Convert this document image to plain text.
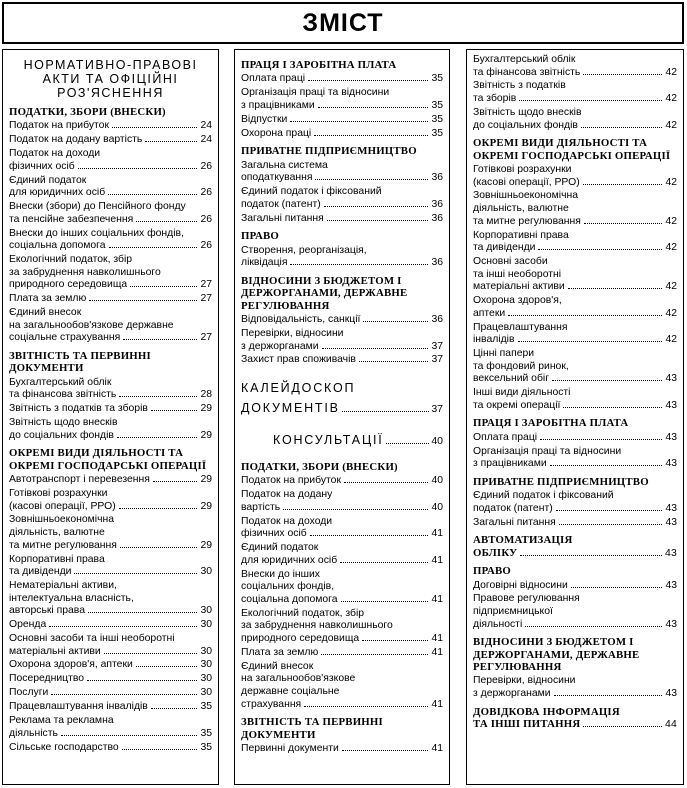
ЗМІСТ
НОРМАТИВНО-ПРАВОВІ
АКТИ ТА ОФІЦІЙНІ
РОЗ'ЯСНЕННЯ
ПОДАТКИ, ЗБОРИ (ВНЕСКИ)
Податок на прибуток	24
Податок на додану вартість	24
Податок на доходи
фізичних осіб	26
Єдиний податок
для юридичних осіб	26
Внески (збори) до Пенсійного фонду
та пенсійне забезпечення	26
Внески до інших соціальних фондів,
соціальна допомога	26
Екологічний податок, збір
за забруднення навколишнього
природного середовища	27
Плата за землю	27
Єдиний внесок
на загальнообов'язкове державне
соціальне страхування	27
ЗВІТНІСТЬ ТА ПЕРВИННІ ДОКУМЕНТИ
Бухгалтерський облік
та фінансова звітність	28
Звітність з податків та зборів	29
Звітність щодо внесків
до соціальних фондів	29
ОКРЕМІ ВИДИ ДІЯЛЬНОСТІ ТА ОКРЕМІ ГОСПОДАРСЬКІ ОПЕРАЦІЇ
Автотранспорт і перевезення	29
Готівкові розрахунки
(касові операції, РРО)	29
Зовнішньоекономічна
діяльність, валютне
та митне регулювання	29
Корпоративні права
та дивіденди	30
Нематеріальні активи,
інтелектуальна власність,
авторські права	30
Оренда	30
Основні засоби та інші необоротні
матеріальні активи	30
Охорона здоров'я, аптеки	30
Посередництво	30
Послуги	30
Працевлаштування інвалідів	35
Реклама та рекламна
діяльність	35
Сільське господарство	35
ПРАЦЯ І ЗАРОБІТНА ПЛАТА
Оплата праці	35
Організація праці та відносини
з працівниками	35
Відпустки	35
Охорона праці	35
ПРИВАТНЕ ПІДПРИЄМНИЦТВО
Загальна система
оподаткування	36
Єдиний податок і фіксований
податок (патент)	36
Загальні питання	36
ПРАВО
Створення, реорганізація,
ліквідація	36
ВІДНОСИНИ З БЮДЖЕТОМ І ДЕРЖОРГАНАМИ, ДЕРЖАВНЕ РЕГУЛЮВАННЯ
Відповідальність, санкції	36
Перевірки, відносини
з держорганами	37
Захист прав споживачів	37
КАЛЕЙДОСКОП
ДОКУМЕНТІВ	37
КОНСУЛЬТАЦІЇ	40
ПОДАТКИ, ЗБОРИ (ВНЕСКИ)
Податок на прибуток	40
Податок на додану
вартість	40
Податок на доходи
фізичних осіб	41
Єдиний податок
для юридичних осіб	41
Внески до інших
соціальних фондів,
соціальна допомога	41
Екологічний податок, збір
за забруднення навколишнього
природного середовища	41
Плата за землю	41
Єдиний внесок
на загальнообов'язкове
державне соціальне
страхування	41
ЗВІТНІСТЬ ТА ПЕРВИННІ ДОКУМЕНТИ
Первинні документи	41
Бухгалтерський облік
та фінансова звітність	42
Звітність з податків
та зборів	42
Звітність щодо внесків
до соціальних фондів	42
ОКРЕМІ ВИДИ ДІЯЛЬНОСТІ ТА ОКРЕМІ ГОСПОДАРСЬКІ ОПЕРАЦІЇ
Готівкові розрахунки
(касові операції, РРО)	42
Зовнішньоекономічна
діяльність, валютне
та митне регулювання	42
Корпоративні права
та дивіденди	42
Основні засоби
та інші необоротні
матеріальні активи	42
Охорона здоров'я,
аптеки	42
Працевлаштування
інвалідів	42
Цінні папери
та фондовий ринок,
вексельний обіг	43
Інші види діяльності
та окремі операції	43
ПРАЦЯ І ЗАРОБІТНА ПЛАТА
Оплата праці	43
Організація праці та відносини
з працівниками	43
ПРИВАТНЕ ПІДПРИЄМНИЦТВО
Єдиний податок і фіксований
податок (патент)	43
Загальні питання	43
АВТОМАТИЗАЦІЯ
ОБЛІКУ	43
ПРАВО
Договірні відносини	43
Правове регулювання
підприємницької
діяльності	43
ВІДНОСИНИ З БЮДЖЕТОМ І ДЕРЖОРГАНАМИ, ДЕРЖАВНЕ РЕГУЛЮВАННЯ
Перевірки, відносини
з держорганами	43
ДОВІДКОВА ІНФОРМАЦІЯ
ТА ІНШІ ПИТАННЯ	44
